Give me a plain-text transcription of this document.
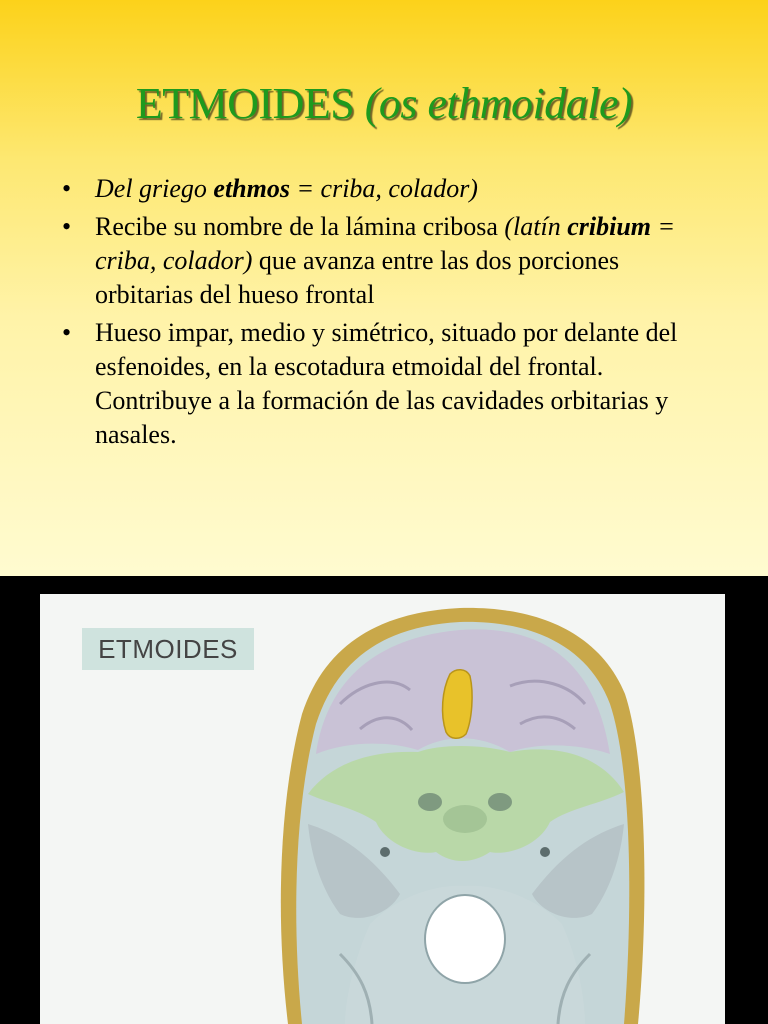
ETMOIDES (os ethmoidale)
• Del griego ethmos = criba, colador)
• Recibe su nombre de la lámina cribosa (latín cribium = criba, colador) que avanza entre las dos porciones orbitarias del hueso frontal
• Hueso impar, medio y simétrico, situado por delante del esfenoides, en la escotadura etmoidal del frontal. Contribuye a la formación de las cavidades orbitarias y nasales.
ETMOIDES
